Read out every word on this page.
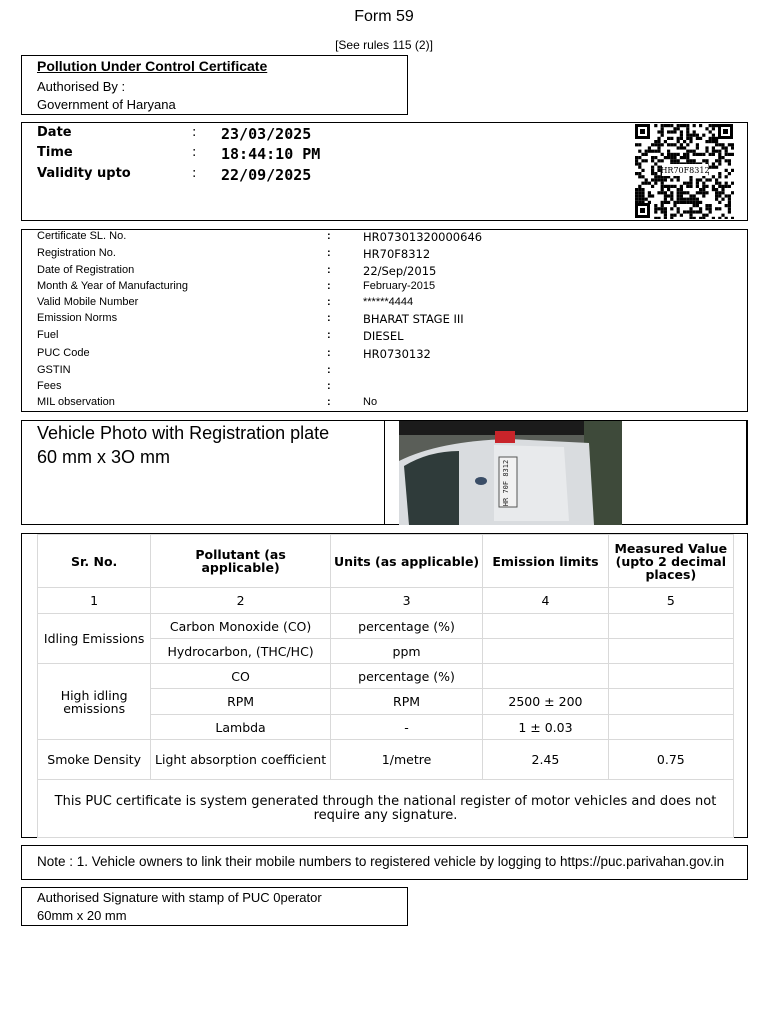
Form 59
[See rules 115 (2)]
Pollution Under Control Certificate
Authorised By :
Government of Haryana
Date	: 23/03/2025
Time	: 18:44:10 PM
Validity upto	: 22/09/2025	HR70F8312
Certificate SL. No.	:	HR07301320000646
Registration No.	:	HR70F8312
Date of Registration	:	22/Sep/2015
Month & Year of Manufacturing	:	February-2015
Valid Mobile Number	:	******4444
Emission Norms	:	BHARAT STAGE III
Fuel	:	DIESEL
PUC Code	:	HR0730132
GSTIN	:
Fees	:
MIL observation	:	No
Vehicle Photo with Registration plate
60 mm x 3O mm
HR 70F 8312
Sr. No.	Pollutant (as applicable)	Units (as applicable)	Emission limits	Measured Value (upto 2 decimal places)
1	2	3	4	5
Idling Emissions	Carbon Monoxide (CO)	percentage (%)		
	Hydrocarbon, (THC/HC)	ppm		
High idling emissions	CO	percentage (%)		
	RPM	RPM	2500 ± 200	
	Lambda	-	1 ± 0.03	
Smoke Density	Light absorption coefficient	1/metre	2.45	0.75
This PUC certificate is system generated through the national register of motor vehicles and does not require any signature.				
Note : 1. Vehicle owners to link their mobile numbers to registered vehicle by logging to https://puc.parivahan.gov.in
Authorised Signature with stamp of PUC 0perator
60mm x 20 mm
